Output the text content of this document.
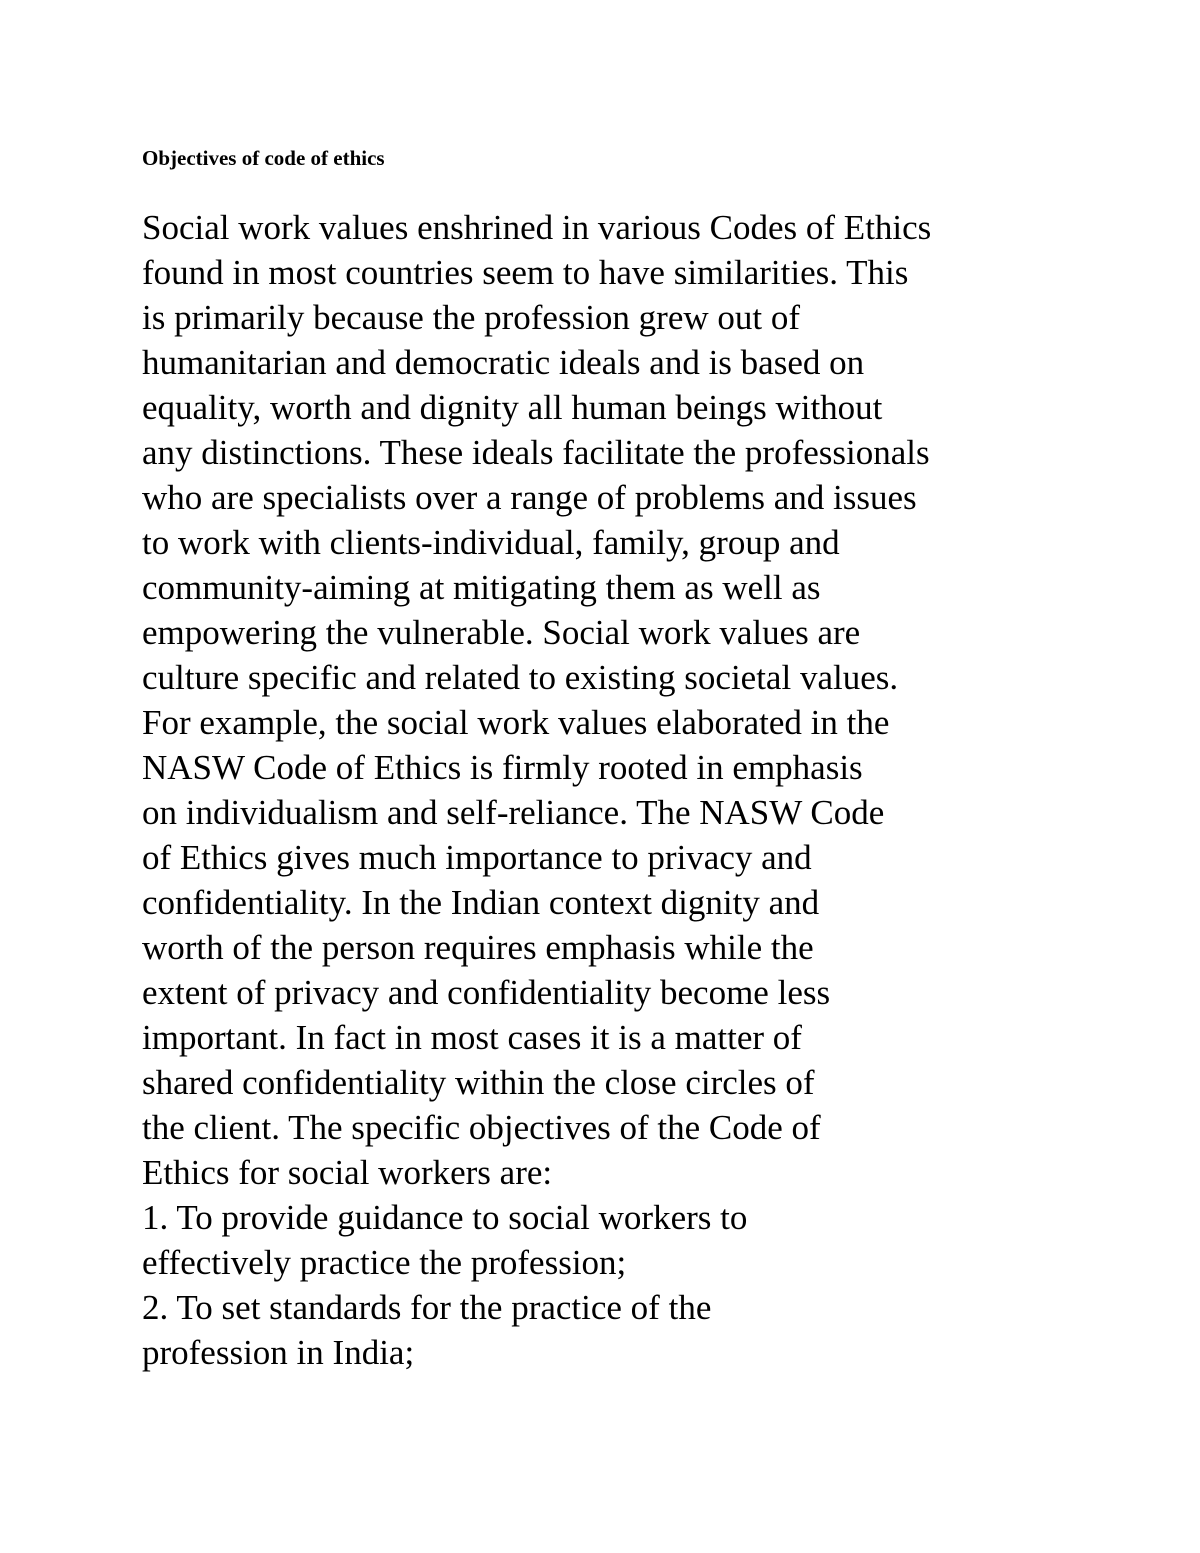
Objectives of code of ethics
Social work values enshrined in various Codes of Ethics
found in most countries seem to have similarities. This
is primarily because the profession grew out of
humanitarian and democratic ideals and is based on
equality, worth and dignity all human beings without
any distinctions. These ideals facilitate the professionals
who are specialists over a range of problems and issues
to work with clients-individual, family, group and
community-aiming at mitigating them as well as
empowering the vulnerable. Social work values are
culture specific and related to existing societal values.
For example, the social work values elaborated in the
NASW Code of Ethics is firmly rooted in emphasis
on individualism and self-reliance. The NASW Code
of Ethics gives much importance to privacy and
confidentiality. In the Indian context dignity and
worth of the person requires emphasis while the
extent of privacy and confidentiality become less
important. In fact in most cases it is a matter of
shared confidentiality within the close circles of
the client. The specific objectives of the Code of
Ethics for social workers are:
1. To provide guidance to social workers to
effectively practice the profession;
2. To set standards for the practice of the
profession in India;
